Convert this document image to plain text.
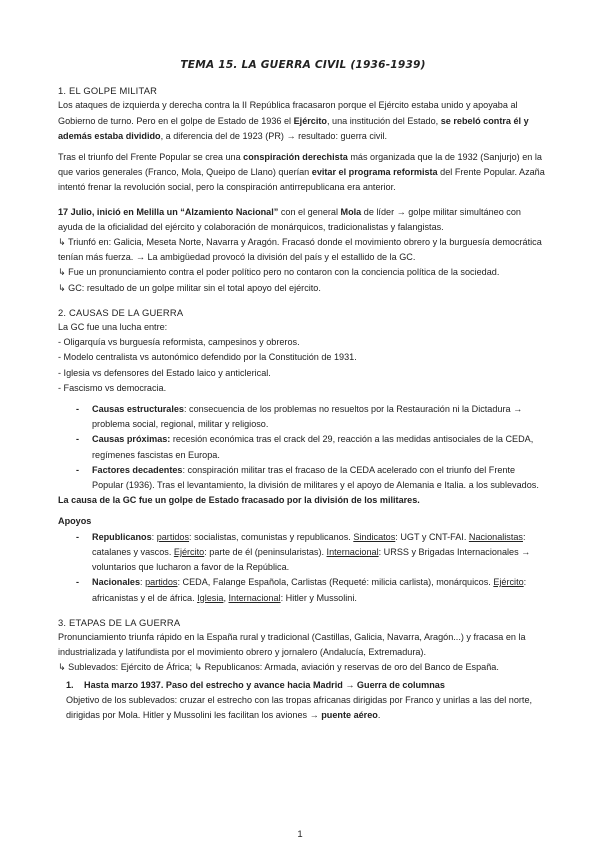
TEMA 15. LA GUERRA CIVIL (1936-1939)
1. EL GOLPE MILITAR

Los ataques de izquierda y derecha contra la II República fracasaron porque el Ejército estaba unido y apoyaba al Gobierno de turno. Pero en el golpe de Estado de 1936 el Ejército, una institución del Estado, se rebeló contra él y además estaba dividido, a diferencia del de 1923 (PR) → resultado: guerra civil.

Tras el triunfo del Frente Popular se crea una conspiración derechista más organizada que la de 1932 (Sanjurjo) en la que varios generales (Franco, Mola, Queipo de Llano) querían evitar el programa reformista del Frente Popular. Azaña intentó frenar la revolución social, pero la conspiración antirrepublicana era anterior.

17 Julio, inició en Melilla un “Alzamiento Nacional” con el general Mola de líder → golpe militar simultáneo con ayuda de la oficialidad del ejército y colaboración de monárquicos, tradicionalistas y falangistas.

↳ Triunfó en: Galicia, Meseta Norte, Navarra y Aragón. Fracasó donde el movimiento obrero y la burguesía democrática tenían más fuerza. → La ambigüedad provocó la división del país y el estallido de la GC.

↳ Fue un pronunciamiento contra el poder político pero no contaron con la conciencia política de la sociedad.

↳ GC: resultado de un golpe militar sin el total apoyo del ejército.

2. CAUSAS DE LA GUERRA

La GC fue una lucha entre:

- Oligarquía vs burguesía reformista, campesinos y obreros.
- Modelo centralista vs autonómico defendido por la Constitución de 1931.
- Iglesia vs defensores del Estado laico y anticlerical.
- Fascismo vs democracia.
- Causas estructurales: consecuencia de los problemas no resueltos por la Restauración ni la Dictadura → problema social, regional, militar y religioso.
- Causas próximas: recesión económica tras el crack del 29, reacción a las medidas antisociales de la CEDA, regímenes fascistas en Europa.
- Factores decadentes: conspiración militar tras el fracaso de la CEDA acelerado con el triunfo del Frente Popular (1936). Tras el levantamiento, la división de militares y el apoyo de Alemania e Italia. a los sublevados.

La causa de la GC fue un golpe de Estado fracasado por la división de los militares.

Apoyos

- Republicanos: partidos: socialistas, comunistas y republicanos. Sindicatos: UGT y CNT-FAI. Nacionalistas: catalanes y vascos. Ejército: parte de él (peninsularistas). Internacional: URSS y Brigadas Internacionales → voluntarios que lucharon a favor de la República.
- Nacionales: partidos: CEDA, Falange Española, Carlistas (Requeté: milicia carlista), monárquicos. Ejército: africanistas y el de áfrica. Iglesia, Internacional: Hitler y Mussolini.
3. ETAPAS DE LA GUERRA

Pronunciamiento triunfa rápido en la España rural y tradicional (Castillas, Galicia, Navarra, Aragón...) y fracasa en la industrializada y latifundista por el movimiento obrero y jornalero (Andalucía, Extremadura).

↳ Sublevados: Ejército de África; ↳ Republicanos: Armada, aviación y reservas de oro del Banco de España.

1. Hasta marzo 1937. Paso del estrecho y avance hacia Madrid → Guerra de columnas

Objetivo de los sublevados: cruzar el estrecho con las tropas africanas dirigidas por Franco y unirlas a las del norte, dirigidas por Mola. Hitler y Mussolini les facilitan los aviones → puente aéreo.

1
